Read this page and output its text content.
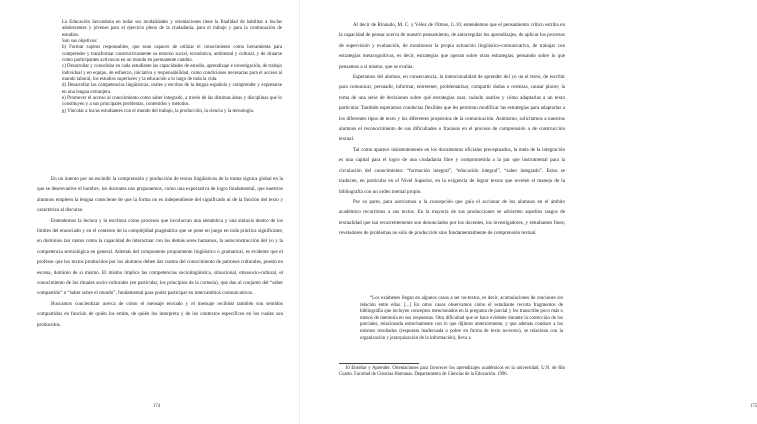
La Educación Secundaria en todas sus modalidades y orientaciones tiene la finalidad de habilitar a los/las adolescentes y jóvenes para el ejercicio pleno de la ciudadanía, para el trabajo y para la continuación de estudios.

Son sus objetivos:

b) Formar sujetos responsables, que sean capaces de utilizar el conocimiento como herramienta para comprender y transformar constructivamente su entorno social, económico, ambiental y cultural, y de situarse como participantes activos/as en un mundo en permanente cambio.

c) Desarrollar y consolidar en cada estudiante las capacidades de estudio, aprendizaje e investigación, de trabajo individual y en equipo, de esfuerzo, iniciativa y responsabilidad, como condiciones necesarias para el acceso al mundo laboral, los estudios superiores y la educación a lo largo de toda la vida.

d) Desarrollar las competencias lingüísticas, orales y escritas de la lengua española y comprender y expresarse en una lengua extranjera.

e) Promover el acceso al conocimiento como saber integrado, a través de las distintas áreas y disciplinas que lo constituyen y a sus principales problemas, contenidos y métodos.

g) Vincular a los/as estudiantes con el mundo del trabajo, la producción, la ciencia y la tecnología.

En un intento por no escindir la comprensión y producción de textos lingüísticos de la trama signica global en la que se desenvuelve el hombre, los docentes nos proponemos, como una expectativa de logro fundamental, que nuestros alumnos empleen la lengua consciente de que la forma no es independiente del significado ni de la función del texto y caracteriza al discurso.

Entendemos la lectura y la escritura como procesos que involucran una semántica y una sintaxis dentro de los límites del enunciado y en el contexto de la complejidad pragmática que se pone en juego en toda práctica significante, en dominios tan vastos como la capacidad de interactuar con los demás seres humanos, la autoconstrucción del yo y la competencia semiológica en general. Además del componente propiamente lingüístico o gramatical, es evidente que el profesor que los textos producidos por los alumnos deben dar cuenta del conocimiento de patrones culturales, puesto en escena, dominio de sí mismo. El mismo implica las competencias sociolingüística, situacional, etnosocio-cultural, el conocimiento de los rituales socio-culturales (en particular, los principios de la cortesía), que dan al conjunto del “saber compartido” o “saber sobre el mundo”, fundamental para poder participar en intercambios comunicativos.

Buscamos concientizar acerca de cómo el mensaje enviado y el mensaje recibido también son sentidos compartidos en función de quién los emite, de quién los interpreta y de los contextos específicos en los cuales son producidos.

174	175

Al decir de Rinaudo, M. C. y Vélez de Olmos, G.10, entendemos que el pensamiento crítico estriba en la capacidad de pensar acerca de nuestro pensamiento, de autorregular los aprendizajes, de aplicar los procesos de supervisión y evaluación, de monitorear la propia actuación lingüístico-comunicativa, de trabajar con estrategias metacognitivas, es decir, estrategias que operan sobre otras estrategias, pensando sobre lo que pensamos a sí mismo, que se evalúa.

Esperamos del alumno, en consecuencia, la intencionalidad de aprender del yo un el texto, de escribir para comunicar, persuadir, informar, entretener, problematizar, compartir dudas o certezas, causar placer; la toma de una serie de decisiones sobre qué estrategias usar, cuándo usarlas y cómo adaptarlas a un texto particular. También esperamos conductas flexibles que les permitan modificar las estrategias para adaptarlas a los diferentes tipos de texto y los diferentes propósitos de la comunicación. Asimismo, solicitamos a nuestros alumnos el reconocimiento de sus dificultades o fracasos en el proceso de comprensión o de construcción textual.

Tal como aparece insistentemente en los documentos oficiales preceptuados, la meta de la integración es una capital para el logro de una ciudadanía libre y comprometida a la par que instrumental para la circulación del conocimiento: “formación integral”, “educación integral”, “saber integrado”. Estos se traducen, en particular en el Nivel Superior, en la exigencia de lograr textos que revelen el manejo de la bibliografía con un orden mental propio.

Por su parte, para acercarnos a la concepción que guía el accionar de los alumnos en el ámbito académico recurrimos a sus textos. En la mayoría de sus producciones se advierten aquellos rasgos de textualidad que tan recurrentemente son denunciados por los docentes, los investigadores, y estudiantes fines; reveladores de problemas no sólo de producción sino fundamentalmente de comprensión textual.

“Los exámenes llegan en algunos casos a ser no-textos, es decir, acumulaciones de oraciones sin relación entre ellas. [...] En otros casos observamos cómo el estudiante recorta fragmentos de bibliografía que incluyen conceptos mencionados en la pregunta de parcial y los transcribe poco más o menos de memoria en sus respuestas. Otra dificultad que se hace evidente durante la corrección de los parciales, relacionada estrechamente con lo que dijimos anteriormente, y que además conduce a los mismos resultados (respuesta inadecuada o pobre en forma de texto no-texto), se relaciona con la organización y jerarquización de la información), lleva a

10 Enseñar y Aprender. Orientaciones para favorecer los aprendizajes académicos en la universidad. U.N. de Río Cuarto. Facultad de Ciencias Humanas. Departamento de Ciencias de la Educación. 1996.
